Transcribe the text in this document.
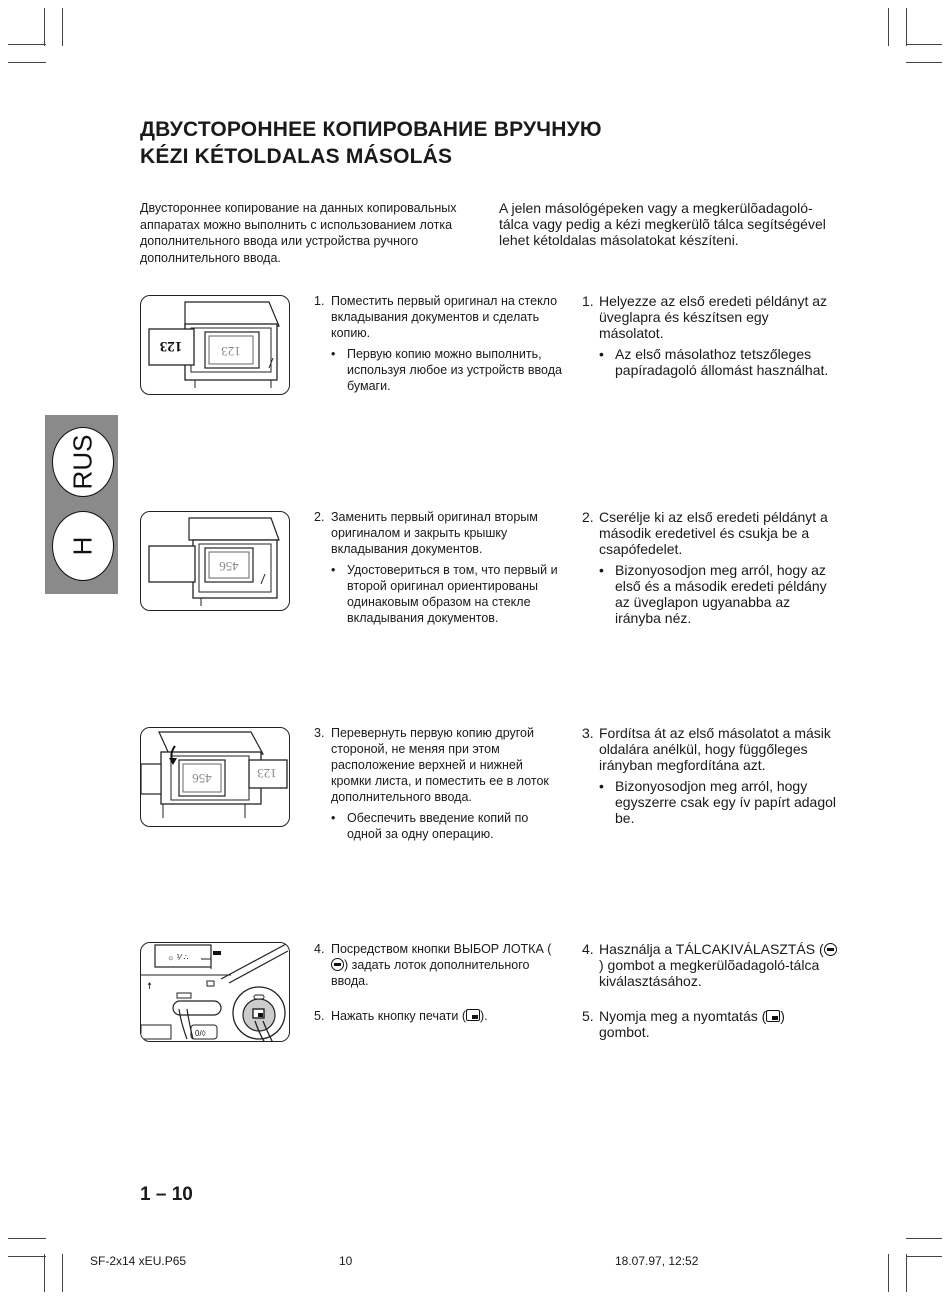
ДВУСТОРОННЕЕ КОПИРОВАНИЕ ВРУЧНУЮ
KÉZI KÉTOLDALAS MÁSOLÁS

Двустороннее копирование на данных копировальных аппаратах можно выполнить с использованием лотка дополнительного ввода или устройства ручного дополнительного ввода.

A jelen másológépeken vagy a megkerülõadagoló-tálca vagy pedig a kézi megkerülõ tálca segítségével lehet kétoldalas másolatokat készíteni.

RUS
H
123
123
456
456	123
☼ ⅟ ∴
☨
0/◊
1. Поместить первый оригинал на стекло вкладывания документов и сделать копию.
• Первую копию можно выполнить, используя любое из устройств ввода бумаги.
1. Helyezze az első eredeti példányt az üveglapra és készítsen egy másolatot.
• Az első másolathoz tetszőleges papíradagoló állomást használhat.
2. Заменить первый оригинал вторым оригиналом и закрыть крышку вкладывания документов.
• Удостовериться в том, что первый и второй оригинал ориентированы одинаковым образом на стекле вкладывания документов.
2. Cserélje ki az első eredeti példányt a második eredetivel és csukja be a csapófedelet.
• Bizonyosodjon meg arról, hogy az első és a második eredeti példány az üveglapon ugyanabba az irányba néz.
3. Перевернуть первую копию другой стороной, не меняя при этом расположение верхней и нижней кромки листа, и поместить ее в лоток дополнительного ввода.
• Обеспечить введение копий по одной за одну операцию.
3. Fordítsa át az első másolatot a másik oldalára anélkül, hogy függőleges irányban megfordítána azt.
• Bizonyosodjon meg arról, hogy egyszerre csak egy ív papírt adagol be.
4. Посредством кнопки ВЫБОР ЛОТКА () задать лоток дополнительного ввода.
5. Нажать кнопку печати ( ).
4. Használja a TÁLCAKIVÁLASZTÁS () gombot a megkerülõadagoló-tálca kiválasztásához.
5. Nyomja meg a nyomtatás ( ) gombot.

1 – 10

SF-2x14 xEU.P65	10	18.07.97, 12:52
